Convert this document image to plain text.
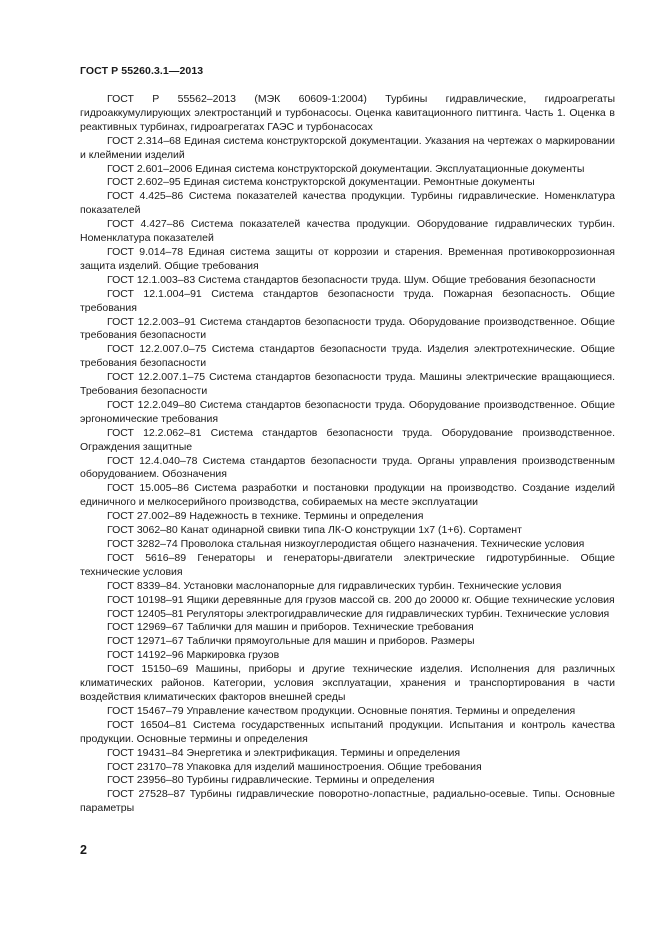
ГОСТ Р 55260.3.1—2013

ГОСТ Р 55562–2013 (МЭК 60609-1:2004) Турбины гидравлические, гидроагрегаты гидроаккумулирующих электростанций и турбонасосы. Оценка кавитационного питтинга. Часть 1. Оценка в реактивных турбинах, гидроагрегатах ГАЭС и турбонасосах

ГОСТ 2.314–68 Единая система конструкторской документации. Указания на чертежах о маркировании и клеймении изделий

ГОСТ 2.601–2006 Единая система конструкторской документации. Эксплуатационные документы

ГОСТ 2.602–95 Единая система конструкторской документации. Ремонтные документы

ГОСТ 4.425–86 Система показателей качества продукции. Турбины гидравлические. Номенклатура показателей

ГОСТ 4.427–86 Система показателей качества продукции. Оборудование гидравлических турбин. Номенклатура показателей

ГОСТ 9.014–78 Единая система защиты от коррозии и старения. Временная противокоррозионная защита изделий. Общие требования

ГОСТ 12.1.003–83 Система стандартов безопасности труда. Шум. Общие требования безопасности

ГОСТ 12.1.004–91 Система стандартов безопасности труда. Пожарная безопасность. Общие требования

ГОСТ 12.2.003–91 Система стандартов безопасности труда. Оборудование производственное. Общие требования безопасности

ГОСТ 12.2.007.0–75 Система стандартов безопасности труда. Изделия электротехнические. Общие требования безопасности

ГОСТ 12.2.007.1–75 Система стандартов безопасности труда. Машины электрические вращающиеся. Требования безопасности

ГОСТ 12.2.049–80 Система стандартов безопасности труда. Оборудование производственное. Общие эргономические требования

ГОСТ 12.2.062–81 Система стандартов безопасности труда. Оборудование производственное. Ограждения защитные

ГОСТ 12.4.040–78 Система стандартов безопасности труда. Органы управления производственным оборудованием. Обозначения

ГОСТ 15.005–86 Система разработки и постановки продукции на производство. Создание изделий единичного и мелкосерийного производства, собираемых на месте эксплуатации

ГОСТ 27.002–89 Надежность в технике. Термины и определения

ГОСТ 3062–80 Канат одинарной свивки типа ЛК-О конструкции 1х7 (1+6). Сортамент

ГОСТ 3282–74 Проволока стальная низкоуглеродистая общего назначения. Технические условия

ГОСТ 5616–89 Генераторы и генераторы-двигатели электрические гидротурбинные. Общие технические условия

ГОСТ 8339–84. Установки маслонапорные для гидравлических турбин. Технические условия

ГОСТ 10198–91 Ящики деревянные для грузов массой св. 200 до 20000 кг. Общие технические условия

ГОСТ 12405–81 Регуляторы электрогидравлические для гидравлических турбин. Технические условия

ГОСТ 12969–67 Таблички для машин и приборов. Технические требования

ГОСТ 12971–67 Таблички прямоугольные для машин и приборов. Размеры

ГОСТ 14192–96 Маркировка грузов

ГОСТ 15150–69 Машины, приборы и другие технические изделия. Исполнения для различных климатических районов. Категории, условия эксплуатации, хранения и транспортирования в части воздействия климатических факторов внешней среды

ГОСТ 15467–79 Управление качеством продукции. Основные понятия. Термины и определения

ГОСТ 16504–81 Система государственных испытаний продукции. Испытания и контроль качества продукции. Основные термины и определения

ГОСТ 19431–84 Энергетика и электрификация. Термины и определения

ГОСТ 23170–78 Упаковка для изделий машиностроения. Общие требования

ГОСТ 23956–80 Турбины гидравлические. Термины и определения

ГОСТ 27528–87 Турбины гидравлические поворотно-лопастные, радиально-осевые. Типы. Основные параметры

2
